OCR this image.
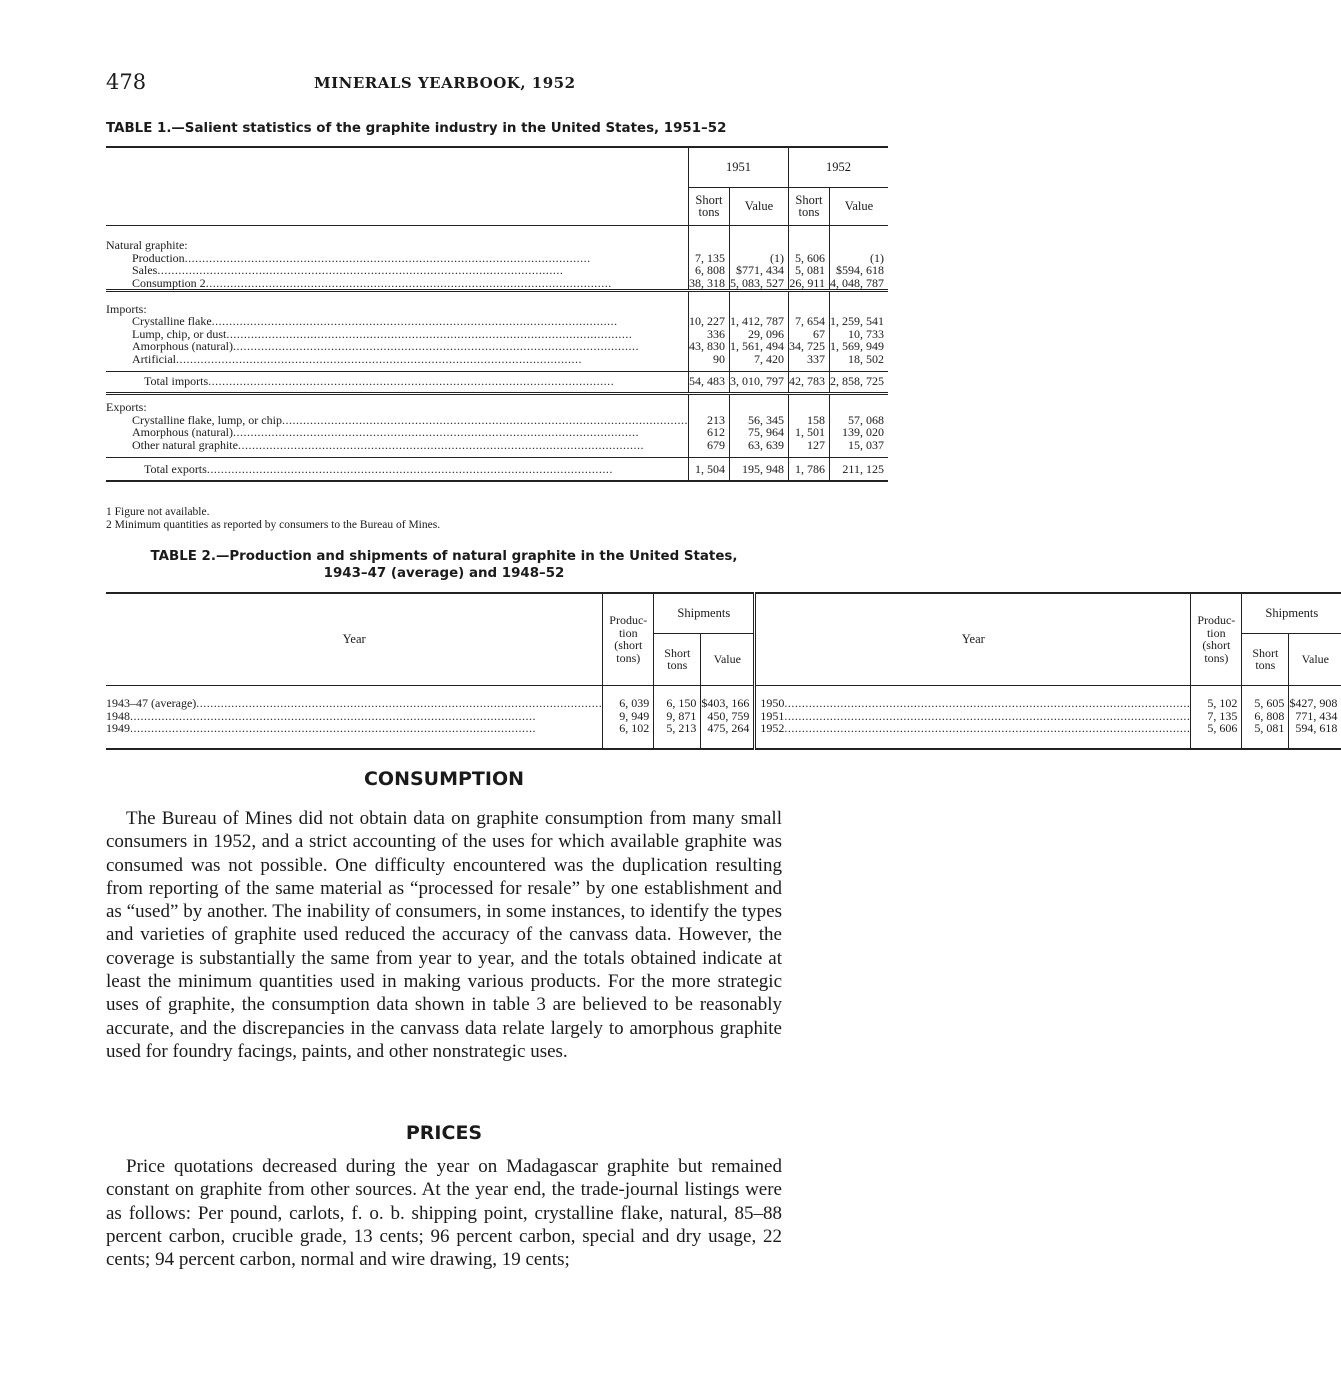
478	MINERALS YEARBOOK, 1952
TABLE 1.—Salient statistics of the graphite industry in the United States, 1951–52
	1951		1952	
	Short tons	Value	Short tons	Value

Natural graphite:				
Production .....	7, 135	(1)	5, 606	(1)
Sales .....	6, 808	$771, 434	5, 081	$594, 618
Consumption 2 .....	38, 318	5, 083, 527	26, 911	4, 048, 787

Imports:				
Crystalline flake .....	10, 227	1, 412, 787	7, 654	1, 259, 541
Lump, chip, or dust .....	336	29, 096	67	10, 733
Amorphous (natural) .....	43, 830	1, 561, 494	34, 725	1, 569, 949
Artificial .....	90	7, 420	337	18, 502

Total imports .....	54, 483	3, 010, 797	42, 783	2, 858, 725

Exports:				
Crystalline flake, lump, or chip .....	213	56, 345	158	57, 068
Amorphous (natural) .....	612	75, 964	1, 501	139, 020
Other natural graphite .....	679	63, 639	127	15, 037

Total exports .....	1, 504	195, 948	1, 786	211, 125
1 Figure not available.
2 Minimum quantities as reported by consumers to the Bureau of Mines.
TABLE 2.—Production and shipments of natural graphite in the United States,
1943–47 (average) and 1948–52
Year	Produc- tion (short tons)	Shipments		Year	Produc- tion (short tons)	Shipments	
		Short tons	Value			Short tons	Value

1943–47 (average) .....	6, 039	6, 150	$403, 166	1950 .....	5, 102	5, 605	$427, 908
1948 .....	9, 949	9, 871	450, 759	1951 .....	7, 135	6, 808	771, 434
1949 .....	6, 102	5, 213	475, 264	1952 .....	5, 606	5, 081	594, 618

CONSUMPTION
The Bureau of Mines did not obtain data on graphite consumption from many small consumers in 1952, and a strict accounting of the uses for which available graphite was consumed was not possible. One difficulty encountered was the duplication resulting from reporting of the same material as “processed for resale” by one establishment and as “used” by another. The inability of consumers, in some instances, to identify the types and varieties of graphite used reduced the accuracy of the canvass data. However, the coverage is substantially the same from year to year, and the totals obtained indicate at least the minimum quantities used in making various products. For the more strategic uses of graphite, the consumption data shown in table 3 are believed to be reasonably accurate, and the discrepancies in the canvass data relate largely to amorphous graphite used for foundry facings, paints, and other nonstrategic uses.
PRICES
Price quotations decreased during the year on Madagascar graphite but remained constant on graphite from other sources. At the year end, the trade-journal listings were as follows: Per pound, carlots, f. o. b. shipping point, crystalline flake, natural, 85–88 percent carbon, crucible grade, 13 cents; 96 percent carbon, special and dry usage, 22 cents; 94 percent carbon, normal and wire drawing, 19 cents;
